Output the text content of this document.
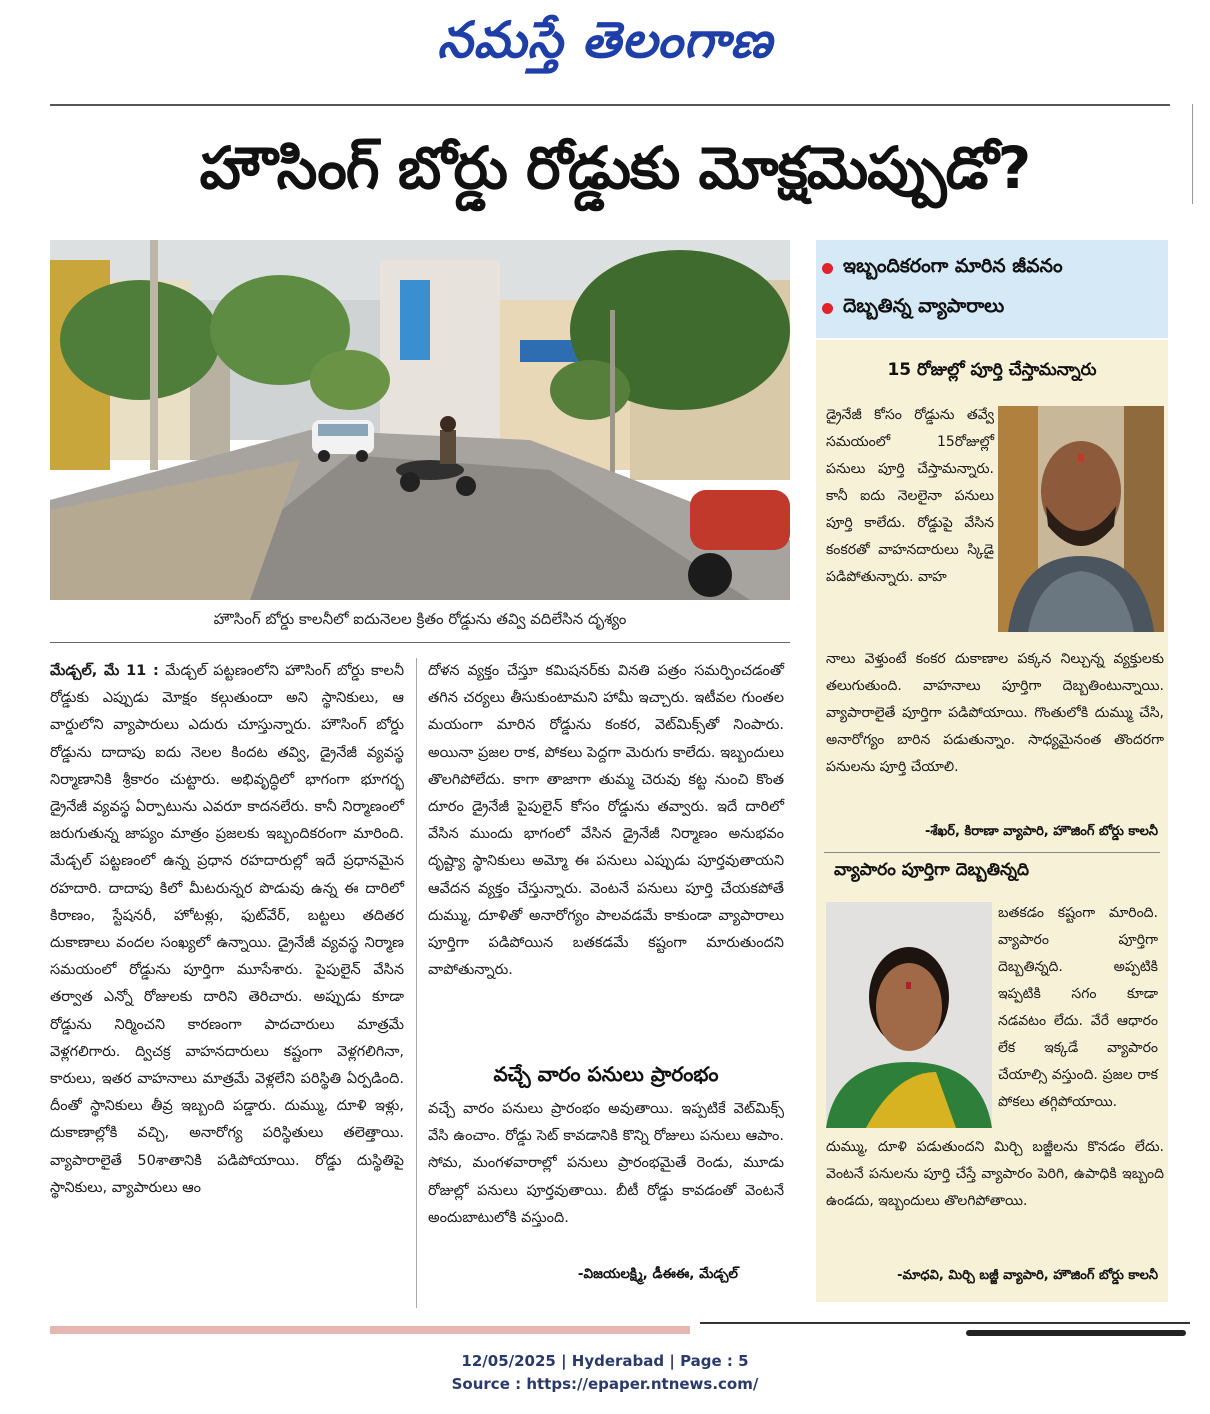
నమస్తే తెలంగాణ
హౌసింగ్ బోర్డు రోడ్డుకు మోక్షమెప్పుడో?
హౌసింగ్ బోర్డు కాలనీలో ఐదునెలల క్రితం రోడ్డును తవ్వి వదిలేసిన దృశ్యం
ఇబ్బందికరంగా మారిన జీవనం
దెబ్బతిన్న వ్యాపారాలు
15 రోజుల్లో పూర్తి చేస్తామన్నారు
డ్రైనేజీ కోసం రోడ్డును తవ్వే సమయంలో 15రోజుల్లో పనులు పూర్తి చేస్తామన్నారు. కానీ ఐదు నెలలైనా పనులు పూర్తి కాలేదు. రోడ్డుపై వేసిన కంకరతో వాహనదారులు స్కిడై పడిపోతున్నారు. వాహ
నాలు వెళ్తుంటే కంకర దుకాణాల పక్కన నిల్చున్న వ్యక్తులకు తలుగుతుంది. వాహనాలు పూర్తిగా దెబ్బతింటున్నాయి. వ్యాపారాలైతే పూర్తిగా పడిపోయాయి. గొంతులోకి దుమ్ము చేసి, అనారోగ్యం బారిన పడుతున్నాం. సాధ్యమైనంత తొందరగా పనులను పూర్తి చేయాలి.
-శేఖర్, కిరాణా వ్యాపారి, హౌజింగ్ బోర్డు కాలనీ
వ్యాపారం పూర్తిగా దెబ్బతిన్నది
బతకడం కష్టంగా మారింది. వ్యాపారం పూర్తిగా దెబ్బతిన్నది. అప్పటికి ఇప్పటికి సగం కూడా నడవటం లేదు. వేరే ఆధారం లేక ఇక్కడే వ్యాపారం చేయాల్సి వస్తుంది. ప్రజల రాక పోకలు తగ్గిపోయాయి.
దుమ్ము, దూళి పడుతుందని మిర్చి బజ్జీలను కొనడం లేదు. వెంటనే పనులను పూర్తి చేస్తే వ్యాపారం పెరిగి, ఉపాధికి ఇబ్బంది ఉండదు, ఇబ్బందులు తొలగిపోతాయి.
-మాధవి, మిర్చి బజ్జీ వ్యాపారి, హౌజింగ్ బోర్డు కాలనీ
మేడ్చల్, మే 11 : మేడ్చల్ పట్టణంలోని హౌసింగ్ బోర్డు కాలనీ రోడ్డుకు ఎప్పుడు మోక్షం కల్గుతుందా అని స్థానికులు, ఆ వార్డులోని వ్యాపారులు ఎదురు చూస్తున్నారు. హౌసింగ్ బోర్డు రోడ్డును దాదాపు ఐదు నెలల కిందట తవ్వి, డ్రైనేజీ వ్యవస్థ నిర్మాణానికి శ్రీకారం చుట్టారు. అభివృద్ధిలో భాగంగా భూగర్భ డ్రైనేజీ వ్యవస్థ ఏర్పాటును ఎవరూ కాదనలేరు. కానీ నిర్మాణంలో జరుగుతున్న జాప్యం మాత్రం ప్రజలకు ఇబ్బందికరంగా మారింది. మేడ్చల్ పట్టణంలో ఉన్న ప్రధాన రహదారుల్లో ఇదే ప్రధానమైన రహదారి. దాదాపు కిలో మీటరున్నర పొడువు ఉన్న ఈ దారిలో కిరాణం, స్టేషనరీ, హోటళ్లు, ఫుట్‌వేర్, బట్టలు తదితర దుకాణాలు వందల సంఖ్యలో ఉన్నాయి. డ్రైనేజీ వ్యవస్థ నిర్మాణ సమయంలో రోడ్డును పూర్తిగా మూసేశారు. పైపులైన్ వేసిన తర్వాత ఎన్నో రోజులకు దారిని తెరిచారు. అప్పుడు కూడా రోడ్డును నిర్మించని కారణంగా పాదచారులు మాత్రమే వెళ్లగలిగారు. ద్విచక్ర వాహనదారులు కష్టంగా వెళ్లగలిగినా, కారులు, ఇతర వాహనాలు మాత్రమే వెళ్లలేని పరిస్థితి ఏర్పడింది. దీంతో స్థానికులు తీవ్ర ఇబ్బంది పడ్డారు. దుమ్ము, దూళి ఇళ్లు, దుకాణాల్లోకి వచ్చి, అనారోగ్య పరిస్థితులు తలెత్తాయి. వ్యాపారాలైతే 50శాతానికి పడిపోయాయి. రోడ్డు దుస్థితిపై స్థానికులు, వ్యాపారులు ఆం
దోళన వ్యక్తం చేస్తూ కమిషనర్‌కు వినతి పత్రం సమర్పించడంతో తగిన చర్యలు తీసుకుంటామని హామీ ఇచ్చారు. ఇటీవల గుంతల మయంగా మారిన రోడ్డును కంకర, వెట్‌మిక్స్‌తో నింపారు. అయినా ప్రజల రాక, పోకలు పెద్దగా మెరుగు కాలేదు. ఇబ్బందులు తొలగిపోలేదు. కాగా తాజాగా తుమ్మ చెరువు కట్ట నుంచి కొంత దూరం డ్రైనేజీ పైపులైన్ కోసం రోడ్డును తవ్వారు. ఇదే దారిలో వేసిన ముందు భాగంలో వేసిన డ్రైనేజీ నిర్మాణం అనుభవం దృష్ట్యా స్థానికులు అమ్మో ఈ పనులు ఎప్పుడు పూర్తవుతాయని ఆవేదన వ్యక్తం చేస్తున్నారు. వెంటనే పనులు పూర్తి చేయకపోతే దుమ్ము, దూళితో అనారోగ్యం పాలవడమే కాకుండా వ్యాపారాలు పూర్తిగా పడిపోయిన బతకడమే కష్టంగా మారుతుందని వాపోతున్నారు.
వచ్చే వారం పనులు ప్రారంభం
వచ్చే వారం పనులు ప్రారంభం అవుతాయి. ఇప్పటికే వెట్‌మిక్స్ వేసి ఉంచాం. రోడ్డు సెట్ కావడానికి కొన్ని రోజులు పనులు ఆపాం. సోమ, మంగళవారాల్లో పనులు ప్రారంభమైతే రెండు, మూడు రోజుల్లో పనులు పూర్తవుతాయి. బీటీ రోడ్డు కావడంతో వెంటనే అందుబాటులోకి వస్తుంది.
-విజయలక్ష్మి, డీఈఈ, మేడ్చల్
12/05/2025 | Hyderabad | Page : 5
Source : https://epaper.ntnews.com/
